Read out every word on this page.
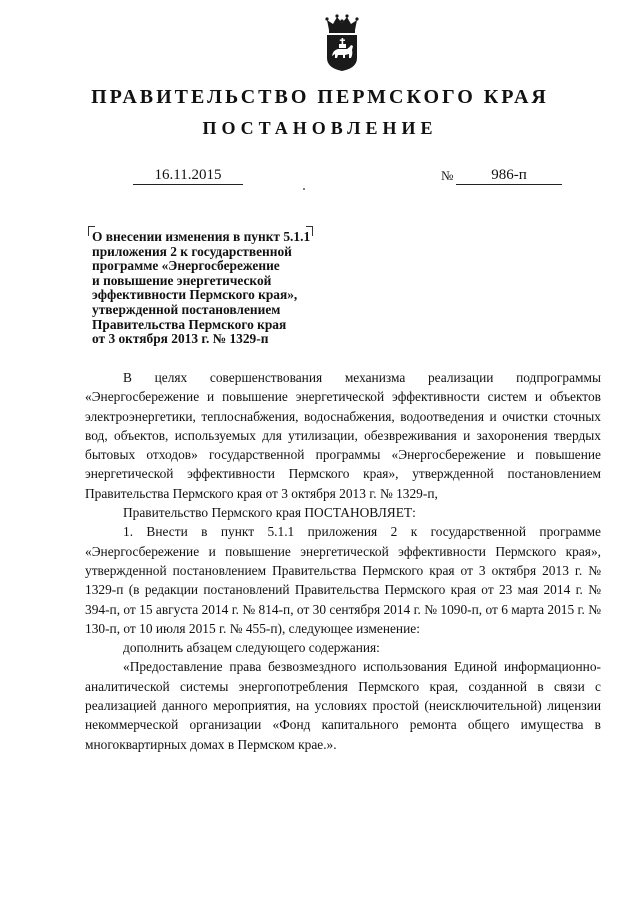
ПРАВИТЕЛЬСТВО ПЕРМСКОГО КРАЯ
ПОСТАНОВЛЕНИЕ
16.11.2015	№	986-п
О внесении изменения в пункт 5.1.1
приложения 2 к государственной
программе «Энергосбережение
и повышение энергетической
эффективности Пермского края»,
утвержденной постановлением
Правительства Пермского края
от 3 октября 2013 г. № 1329-п

В целях совершенствования механизма реализации подпрограммы «Энергосбережение и повышение энергетической эффективности систем и объектов электроэнергетики, теплоснабжения, водоснабжения, водоотведения и очистки сточных вод, объектов, используемых для утилизации, обезвреживания и захоронения твердых бытовых отходов» государственной программы «Энергосбережение и повышение энергетической эффективности Пермского края», утвержденной постановлением Правительства Пермского края от 3 октября 2013 г. № 1329-п,

Правительство Пермского края ПОСТАНОВЛЯЕТ:

1. Внести в пункт 5.1.1 приложения 2 к государственной программе «Энергосбережение и повышение энергетической эффективности Пермского края», утвержденной постановлением Правительства Пермского края от 3 октября 2013 г. № 1329-п (в редакции постановлений Правительства Пермского края от 23 мая 2014 г. № 394-п, от 15 августа 2014 г. № 814-п, от 30 сентября 2014 г. № 1090-п, от 6 марта 2015 г. № 130-п, от 10 июля 2015 г. № 455-п), следующее изменение:

дополнить абзацем следующего содержания:

«Предоставление права безвозмездного использования Единой информационно-аналитической системы энергопотребления Пермского края, созданной в связи с реализацией данного мероприятия, на условиях простой (неисключительной) лицензии некоммерческой организации «Фонд капитального ремонта общего имущества в многоквартирных домах в Пермском крае.».
